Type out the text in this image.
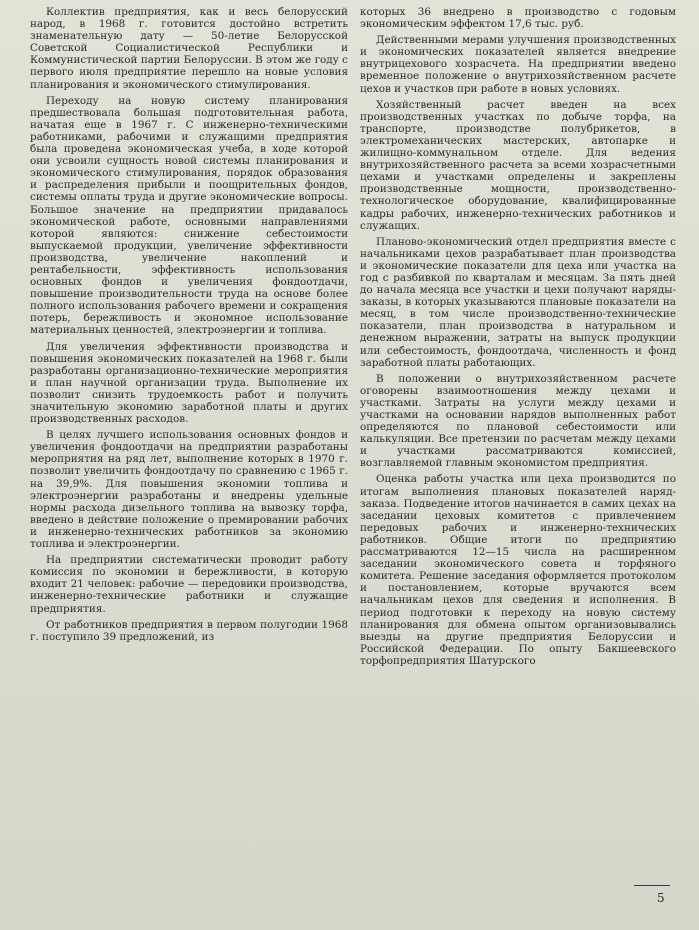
Коллектив предприятия, как и весь белорусский народ, в 1968 г. готовится достойно встретить знаменательную дату — 50-летие Белорусской Советской Социалистической Республики и Коммунистической партии Белоруссии. В этом же году с первого июля предприятие перешло на новые условия планирования и экономического стимулирования.

Переходу на новую систему планирования предшествовала большая подготовительная работа, начатая еще в 1967 г. С инженерно-техническими работниками, рабочими и служащими предприятия была проведена экономическая учеба, в ходе которой они усвоили сущность новой системы планирования и экономического стимулирования, порядок образования и распределения прибыли и поощрительных фондов, системы оплаты труда и другие экономические вопросы. Большое значение на предприятии придавалось экономической работе, основными направлениями которой являются: снижение себестоимости выпускаемой продукции, увеличение эффективности производства, увеличение накоплений и рентабельности, эффективность использования основных фондов и увеличения фондоотдачи, повышение производительности труда на основе более полного использования рабочего времени и сокращения потерь, бережливость и экономное использование материальных ценностей, электроэнергии и топлива.

Для увеличения эффективности производства и повышения экономических показателей на 1968 г. были разработаны организационно-технические мероприятия и план научной организации труда. Выполнение их позволит снизить трудоемкость работ и получить значительную экономию заработной платы и других производственных расходов.

В целях лучшего использования основных фондов и увеличения фондоотдачи на предприятии разработаны мероприятия на ряд лет, выполнение которых в 1970 г. позволит увеличить фондоотдачу по сравнению с 1965 г. на 39,9%. Для повышения экономии топлива и электроэнергии разработаны и внедрены удельные нормы расхода дизельного топлива на вывозку торфа, введено в действие положение о премировании рабочих и инженерно-технических работников за экономию топлива и электроэнергии.

На предприятии систематически проводит работу комиссия по экономии и бережливости, в которую входит 21 человек: рабочие — передовики производства, инженерно-технические работники и служащие предприятия.

От работников предприятия в первом полугодии 1968 г. поступило 39 предложений, из

которых 36 внедрено в производство с годовым экономическим эффектом 17,6 тыс. руб.

Действенными мерами улучшения производственных и экономических показателей является внедрение внутрицехового хозрасчета. На предприятии введено временное положение о внутрихозяйственном расчете цехов и участков при работе в новых условиях.

Хозяйственный расчет введен на всех производственных участках по добыче торфа, на транспорте, производстве полубрикетов, в электромеханических мастерских, автопарке и жилищно-коммунальном отделе. Для ведения внутрихозяйственного расчета за всеми хозрасчетными цехами и участками определены и закреплены производственные мощности, производственно-технологическое оборудование, квалифицированные кадры рабочих, инженерно-технических работников и служащих.

Планово-экономический отдел предприятия вместе с начальниками цехов разрабатывает план производства и экономические показатели для цеха или участка на год с разбивкой по кварталам и месяцам. За пять дней до начала месяца все участки и цехи получают наряды-заказы, в которых указываются плановые показатели на месяц, в том числе производственно-технические показатели, план производства в натуральном и денежном выражении, затраты на выпуск продукции или себестоимость, фондоотдача, численность и фонд заработной платы работающих.

В положении о внутрихозяйственном расчете оговорены взаимоотношения между цехами и участками. Затраты на услуги между цехами и участками на основании нарядов выполненных работ определяются по плановой себестоимости или калькуляции. Все претензии по расчетам между цехами и участками рассматриваются комиссией, возглавляемой главным экономистом предприятия.

Оценка работы участка или цеха производится по итогам выполнения плановых показателей наряд-заказа. Подведение итогов начинается в самих цехах на заседании цеховых комитетов с привлечением передовых рабочих и инженерно-технических работников. Общие итоги по предприятию рассматриваются 12—15 числа на расширенном заседании экономического совета и торфяного комитета. Решение заседания оформляется протоколом и постановлением, которые вручаются всем начальникам цехов для сведения и исполнения. В период подготовки к переходу на новую систему планирования для обмена опытом организовывались выезды на другие предприятия Белоруссии и Российской Федерации. По опыту Бакшеевского торфопредприятия Шатурского

5
